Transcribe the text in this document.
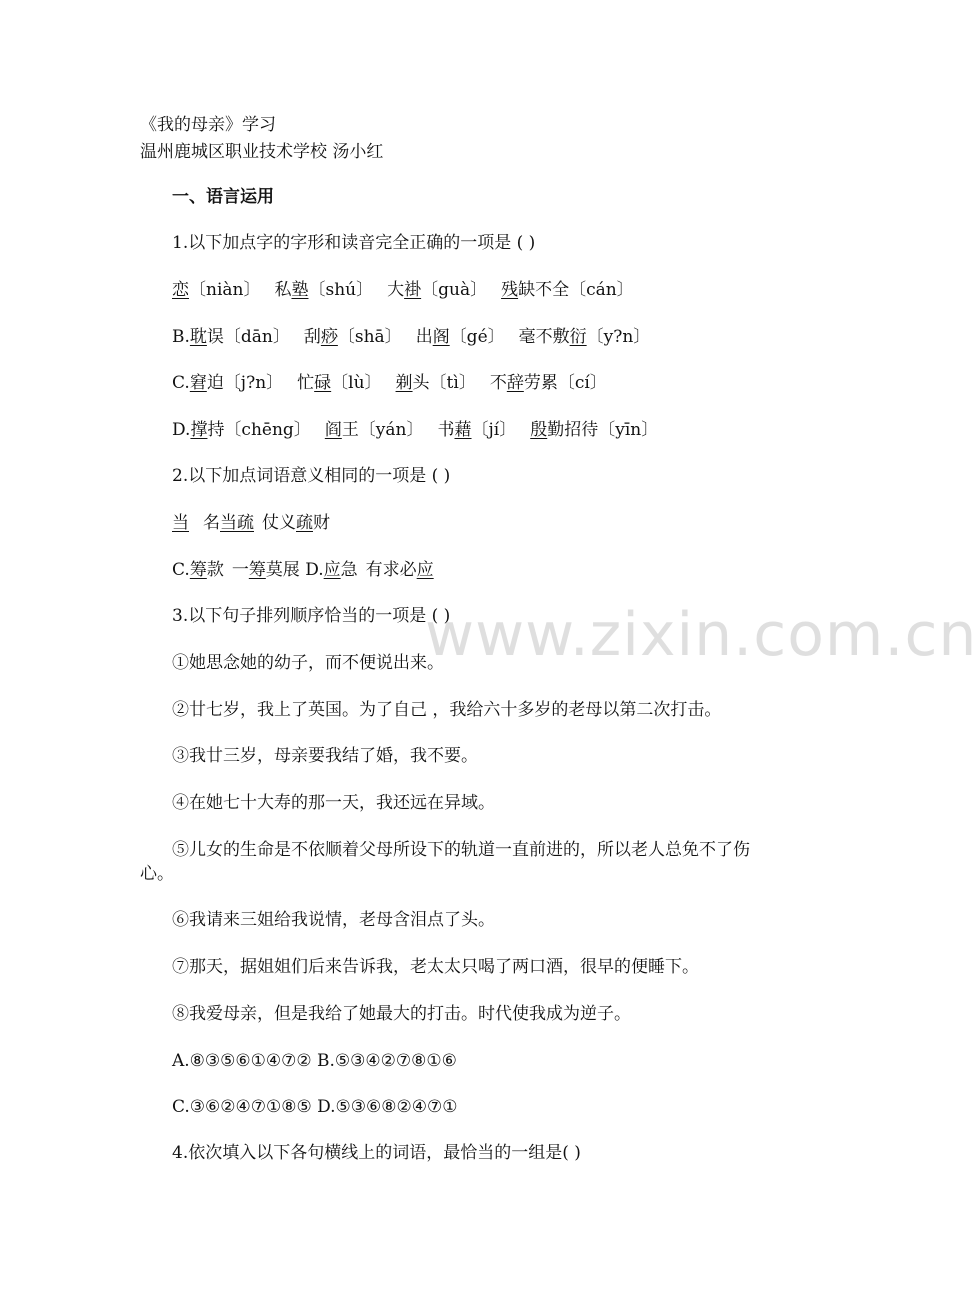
《我的母亲》学习
温州鹿城区职业技术学校 汤小红
一、语言运用
1.以下加点字的字形和读音完全正确的一项是 ( )
恋〔niàn〕 私塾〔shú〕 大褂〔guà〕 残缺不全〔cán〕
B.耽误〔dān〕 刮痧〔shā〕 出阁〔gé〕 毫不敷衍〔y?n〕
C.窘迫〔j?n〕 忙碌〔lù〕 剃头〔tì〕 不辞劳累〔cí〕
D.撑持〔chēng〕 阎王〔yán〕 书藉〔jí〕 殷勤招待〔yīn〕
2.以下加点词语意义相同的一项是 ( )
当 名当疏 仗义疏财
C.筹款 一筹莫展 D.应急 有求必应
3.以下句子排列顺序恰当的一项是 ( )
①她思念她的幼子，而不便说出来。
②廿七岁，我上了英国。为了自己 ，我给六十多岁的老母以第二次打击。
③我廿三岁，母亲要我结了婚，我不要。
④在她七十大寿的那一天，我还远在异域。
⑤儿女的生命是不依顺着父母所设下的轨道一直前进的，所以老人总免不了伤心。
⑥我请来三姐给我说情，老母含泪点了头。
⑦那天，据姐姐们后来告诉我，老太太只喝了两口酒，很早的便睡下。
⑧我爱母亲，但是我给了她最大的打击。时代使我成为逆子。
A.⑧③⑤⑥①④⑦② B.⑤③④②⑦⑧①⑥
C.③⑥②④⑦①⑧⑤ D.⑤③⑥⑧②④⑦①
4.依次填入以下各句横线上的词语，最恰当的一组是( )
www.zixin.com.cn
